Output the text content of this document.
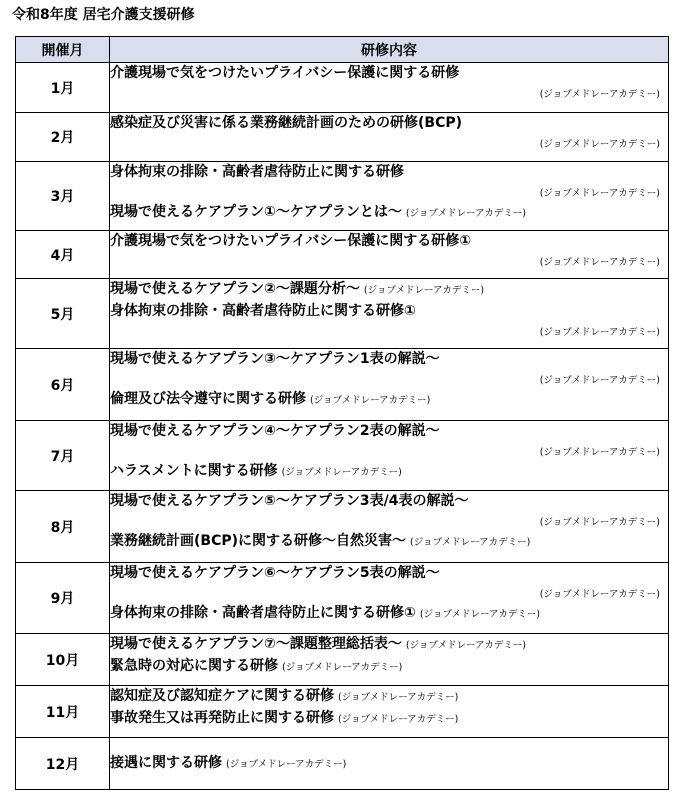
令和8年度 居宅介護支援研修
開催月	研修内容
1月	介護現場で気をつけたいプライバシー保護に関する研修
(ジョブメドレーアカデミー)

2月	感染症及び災害に係る業務継続計画のための研修(BCP)
(ジョブメドレーアカデミー)

3月	身体拘束の排除・高齢者虐待防止に関する研修
(ジョブメドレーアカデミー)
現場で使えるケアプラン①～ケアプランとは～ (ジョブメドレーアカデミー)

4月	介護現場で気をつけたいプライバシー保護に関する研修①
(ジョブメドレーアカデミー)

5月	現場で使えるケアプラン②～課題分析～ (ジョブメドレーアカデミー)
身体拘束の排除・高齢者虐待防止に関する研修①
(ジョブメドレーアカデミー)

6月	現場で使えるケアプラン③～ケアプラン1表の解説～
(ジョブメドレーアカデミー)
倫理及び法令遵守に関する研修 (ジョブメドレーアカデミー)

7月	現場で使えるケアプラン④～ケアプラン2表の解説～
(ジョブメドレーアカデミー)
ハラスメントに関する研修 (ジョブメドレーアカデミー)

8月	現場で使えるケアプラン⑤～ケアプラン3表/4表の解説～
(ジョブメドレーアカデミー)
業務継続計画(BCP)に関する研修～自然災害～ (ジョブメドレーアカデミー)

9月	現場で使えるケアプラン⑥～ケアプラン5表の解説～
(ジョブメドレーアカデミー)
身体拘束の排除・高齢者虐待防止に関する研修① (ジョブメドレーアカデミー)

10月	現場で使えるケアプラン⑦～課題整理総括表～ (ジョブメドレーアカデミー)
緊急時の対応に関する研修 (ジョブメドレーアカデミー)

11月	認知症及び認知症ケアに関する研修 (ジョブメドレーアカデミー)
事故発生又は再発防止に関する研修 (ジョブメドレーアカデミー)

12月	接遇に関する研修 (ジョブメドレーアカデミー)
